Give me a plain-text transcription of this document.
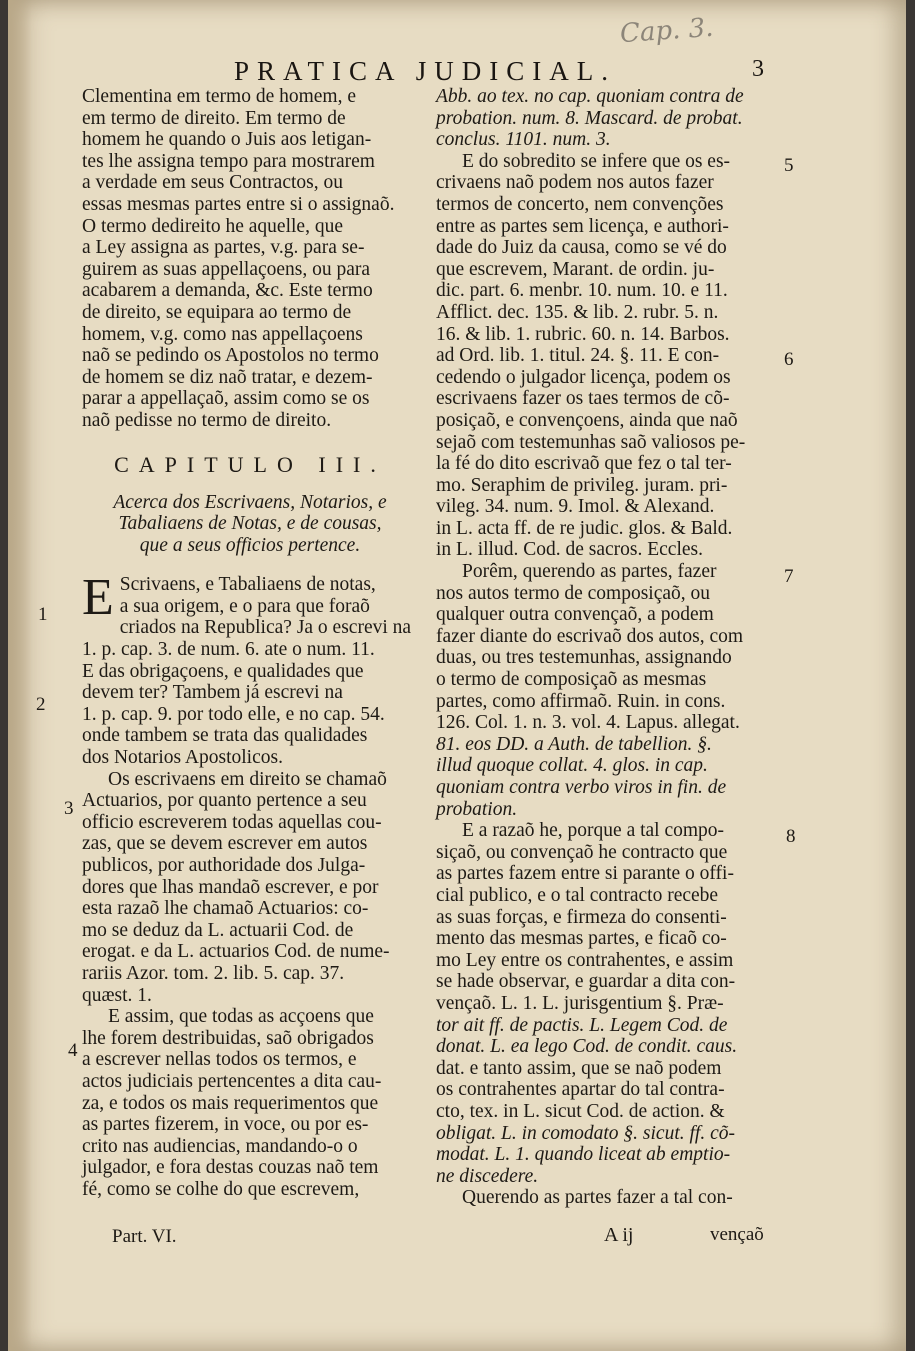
Cap. 3.
PRATICA JUDICIAL.	3
Clementina em termo de homem, e
em termo de direito. Em termo de
homem he quando o Juis aos letigan-
tes lhe assigna tempo para mostrarem
a verdade em seus Contractos, ou
essas mesmas partes entre si o assignaõ.
O termo dedireito he aquelle, que
a Ley assigna as partes, v.g. para se-
guirem as suas appellaçoens, ou para
acabarem a demanda, &c. Este termo
de direito, se equipara ao termo de
homem, v.g. como nas appellaçoens
naõ se pedindo os Apostolos no termo
de homem se diz naõ tratar, e dezem-
parar a appellaçaõ, assim como se os
naõ pedisse no termo de direito.
CAPITULO III.
Acerca dos Escrivaens, Notarios, e
Tabaliaens de Notas, e de cousas,
que a seus officios pertence.
E Scrivaens, e Tabaliaens de notas,
a sua origem, e o para que foraõ
criados na Republica? Ja o escrevi na
1. p. cap. 3. de num. 6. ate o num. 11.
E das obrigaçoens, e qualidades que
devem ter? Tambem já escrevi na
1. p. cap. 9. por todo elle, e no cap. 54.
onde tambem se trata das qualidades
dos Notarios Apostolicos.
Os escrivaens em direito se chamaõ
Actuarios, por quanto pertence a seu
officio escreverem todas aquellas cou-
zas, que se devem escrever em autos
publicos, por authoridade dos Julga-
dores que lhas mandaõ escrever, e por
esta razaõ lhe chamaõ Actuarios: co-
mo se deduz da L. actuarii Cod. de
erogat. e da L. actuarios Cod. de nume-
rariis Azor. tom. 2. lib. 5. cap. 37.
quæst. 1.
E assim, que todas as acçoens que
lhe forem destribuidas, saõ obrigados
a escrever nellas todos os termos, e
actos judiciais pertencentes a dita cau-
za, e todos os mais requerimentos que
as partes fizerem, in voce, ou por es-
crito nas audiencias, mandando-o o
julgador, e fora destas couzas naõ tem
fé, como se colhe do que escrevem,
1
2
3
4
Part. VI.
Abb. ao tex. no cap. quoniam contra de
probation. num. 8. Mascard. de probat.
conclus. 1101. num. 3.
E do sobredito se infere que os es-
crivaens naõ podem nos autos fazer
termos de concerto, nem convenções
entre as partes sem licença, e authori-
dade do Juiz da causa, como se vé do
que escrevem, Marant. de ordin. ju-
dic. part. 6. menbr. 10. num. 10. e 11.
Afflict. dec. 135. & lib. 2. rubr. 5. n.
16. & lib. 1. rubric. 60. n. 14. Barbos.
ad Ord. lib. 1. titul. 24. §. 11. E con-
cedendo o julgador licença, podem os
escrivaens fazer os taes termos de cõ-
posiçaõ, e convençoens, ainda que naõ
sejaõ com testemunhas saõ valiosos pe-
la fé do dito escrivaõ que fez o tal ter-
mo. Seraphim de privileg. juram. pri-
vileg. 34. num. 9. Imol. & Alexand.
in L. acta ff. de re judic. glos. & Bald.
in L. illud. Cod. de sacros. Eccles.
Porêm, querendo as partes, fazer
nos autos termo de composiçaõ, ou
qualquer outra convençaõ, a podem
fazer diante do escrivaõ dos autos, com
duas, ou tres testemunhas, assignando
o termo de composiçaõ as mesmas
partes, como affirmaõ. Ruin. in cons.
126. Col. 1. n. 3. vol. 4. Lapus. allegat.
81. eos DD. a Auth. de tabellion. §.
illud quoque collat. 4. glos. in cap.
quoniam contra verbo viros in fin. de
probation.
E a razaõ he, porque a tal compo-
siçaõ, ou convençaõ he contracto que
as partes fazem entre si parante o offi-
cial publico, e o tal contracto recebe
as suas forças, e firmeza do consenti-
mento das mesmas partes, e ficaõ co-
mo Ley entre os contrahentes, e assim
se hade observar, e guardar a dita con-
vençaõ. L. 1. L. jurisgentium §. Præ-
tor ait ff. de pactis. L. Legem Cod. de
donat. L. ea lego Cod. de condit. caus.
dat. e tanto assim, que se naõ podem
os contrahentes apartar do tal contra-
cto, tex. in L. sicut Cod. de action. &
obligat. L. in comodato §. sicut. ff. cõ-
modat. L. 1. quando liceat ab emptio-
ne discedere.
Querendo as partes fazer a tal con-
5
6
7
8
A ij	vençaõ
